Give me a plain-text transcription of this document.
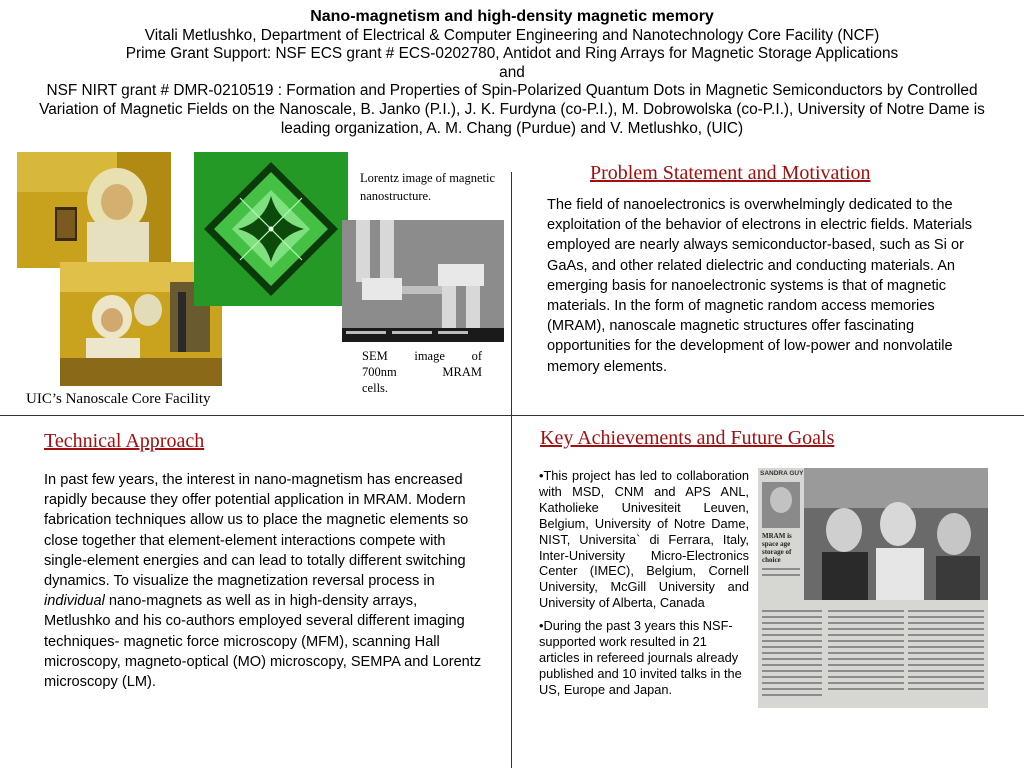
Nano-magnetism and high-density magnetic memory
Vitali Metlushko, Department of Electrical & Computer Engineering and Nanotechnology Core Facility (NCF)
Prime Grant Support: NSF ECS grant # ECS-0202780, Antidot and Ring Arrays for Magnetic Storage Applications
and
NSF NIRT grant # DMR-0210519 : Formation and Properties of Spin-Polarized Quantum Dots in Magnetic Semiconductors by Controlled Variation of Magnetic Fields on the Nanoscale, B. Janko (P.I.), J. K. Furdyna (co-P.I.), M. Dobrowolska (co-P.I.), University of Notre Dame is leading organization, A. M. Chang (Purdue) and V. Metlushko, (UIC)
Lorentz image of magnetic nanostructure.
SEM image of
700nm MRAM
cells.
UIC’s Nanoscale Core Facility
Problem Statement and Motivation
The field of nanoelectronics is overwhelmingly dedicated to the exploitation of the behavior of electrons in electric fields. Materials employed are nearly always semiconductor-based, such as Si or GaAs, and other related dielectric and conducting materials. An emerging basis for nanoelectronic systems is that of magnetic materials. In the form of magnetic random access memories (MRAM), nanoscale magnetic structures offer fascinating opportunities for the development of low-power and nonvolatile memory elements.
Technical Approach
In past few years, the interest in nano-magnetism has encreased rapidly because they offer potential application in MRAM. Modern fabrication techniques allow us to place the magnetic elements so close together that element-element interactions compete with single-element energies and can lead to totally different switching dynamics. To visualize the magnetization reversal process in individual nano-magnets as well as in high-density arrays, Metlushko and his co-authors employed several different imaging techniques- magnetic force microscopy (MFM), scanning Hall microscopy, magneto-optical (MO) microscopy, SEMPA and Lorentz microscopy (LM).
Key Achievements and Future Goals

•This project has led to collaboration with MSD, CNM and APS ANL, Katholieke Univesiteit Leuven, Belgium, University of Notre Dame, NIST, Universita` di Ferrara, Italy, Inter-University Micro-Electronics Center (IMEC), Belgium, Cornell University, McGill University and University of Alberta, Canada

•During the past 3 years this NSF-supported work resulted in 21 articles in refereed journals already published and 10 invited talks in the US, Europe and Japan.

SANDRA GUY
MRAM is space age storage of choice
